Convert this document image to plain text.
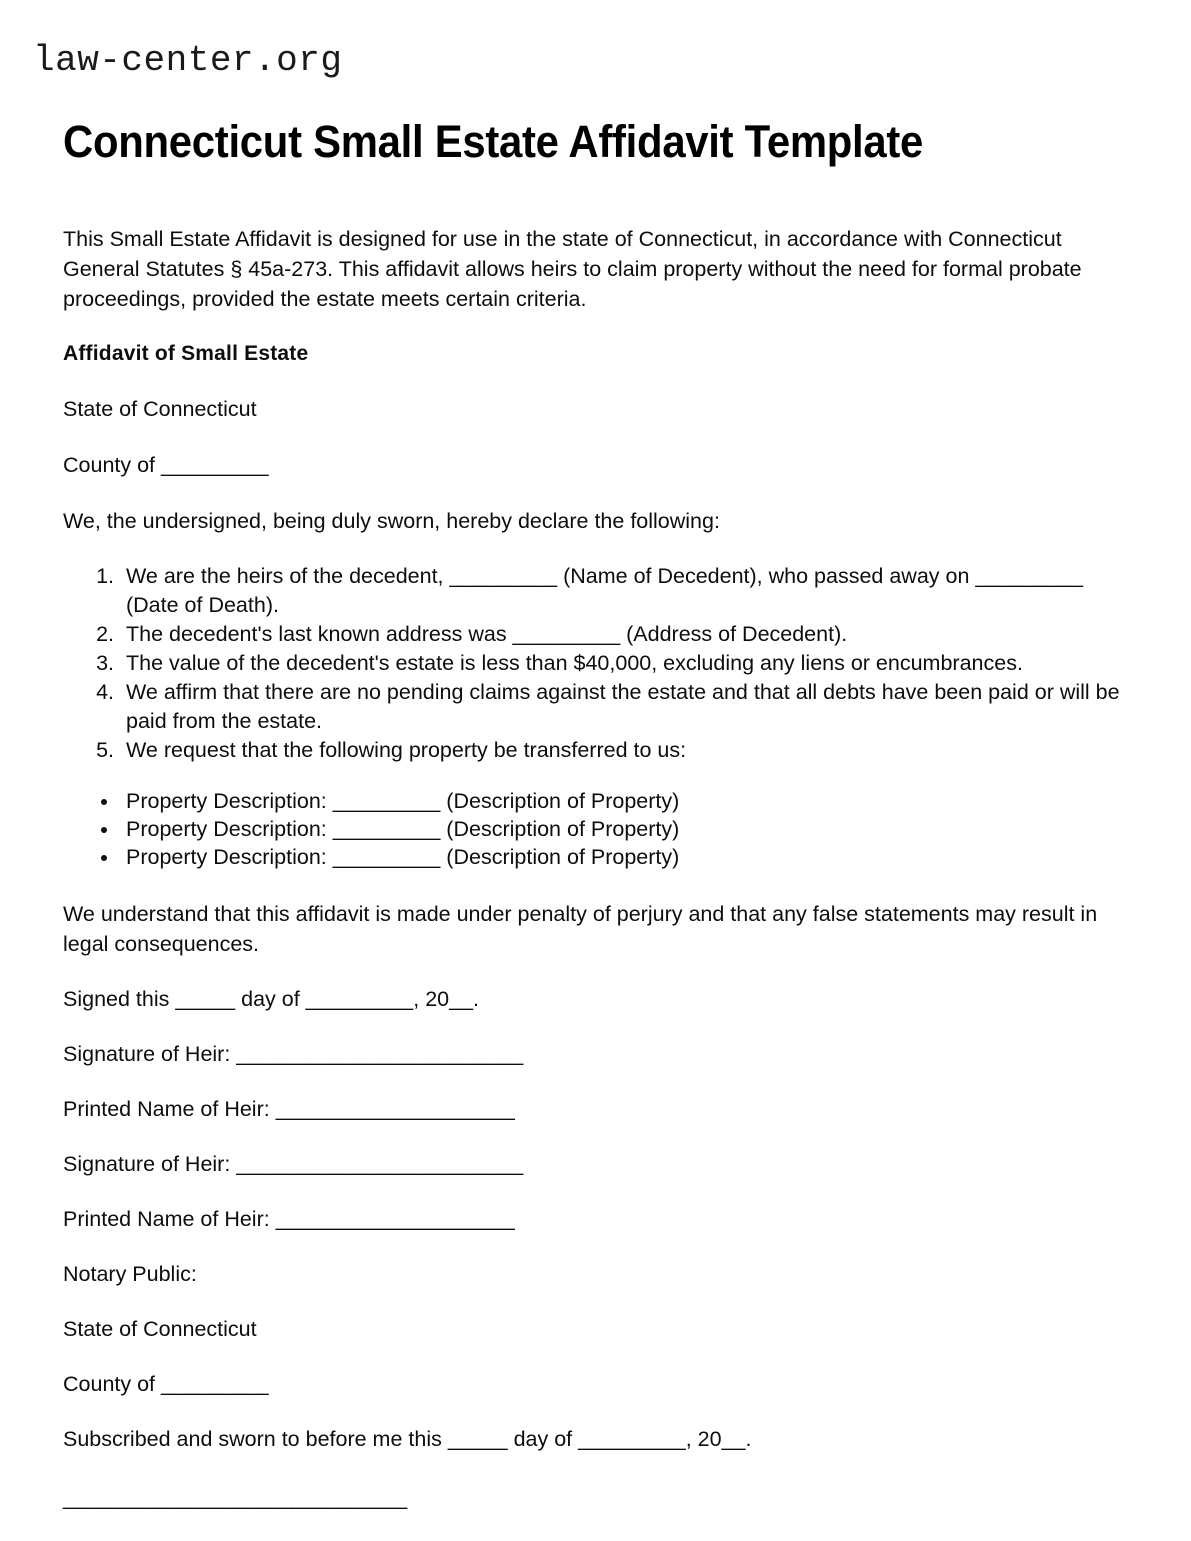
law-center.org
Connecticut Small Estate Affidavit Template

This Small Estate Affidavit is designed for use in the state of Connecticut, in accordance with Connecticut General Statutes § 45a-273. This affidavit allows heirs to claim property without the need for formal probate proceedings, provided the estate meets certain criteria.

Affidavit of Small Estate

State of Connecticut

County of _________

We, the undersigned, being duly sworn, hereby declare the following:

1. We are the heirs of the decedent, _________ (Name of Decedent), who passed away on _________ (Date of Death).
2. The decedent's last known address was _________ (Address of Decedent).
3. The value of the decedent's estate is less than $40,000, excluding any liens or encumbrances.
4. We affirm that there are no pending claims against the estate and that all debts have been paid or will be paid from the estate.
5. We request that the following property be transferred to us:
• Property Description: _________ (Description of Property)
• Property Description: _________ (Description of Property)
• Property Description: _________ (Description of Property)

We understand that this affidavit is made under penalty of perjury and that any false statements may result in legal consequences.

Signed this _____ day of _________, 20__.

Signature of Heir: ________________________

Printed Name of Heir: ____________________

Signature of Heir: ________________________

Printed Name of Heir: ____________________

Notary Public:

State of Connecticut

County of _________

Subscribed and sworn to before me this _____ day of _________, 20__.

______________________________
